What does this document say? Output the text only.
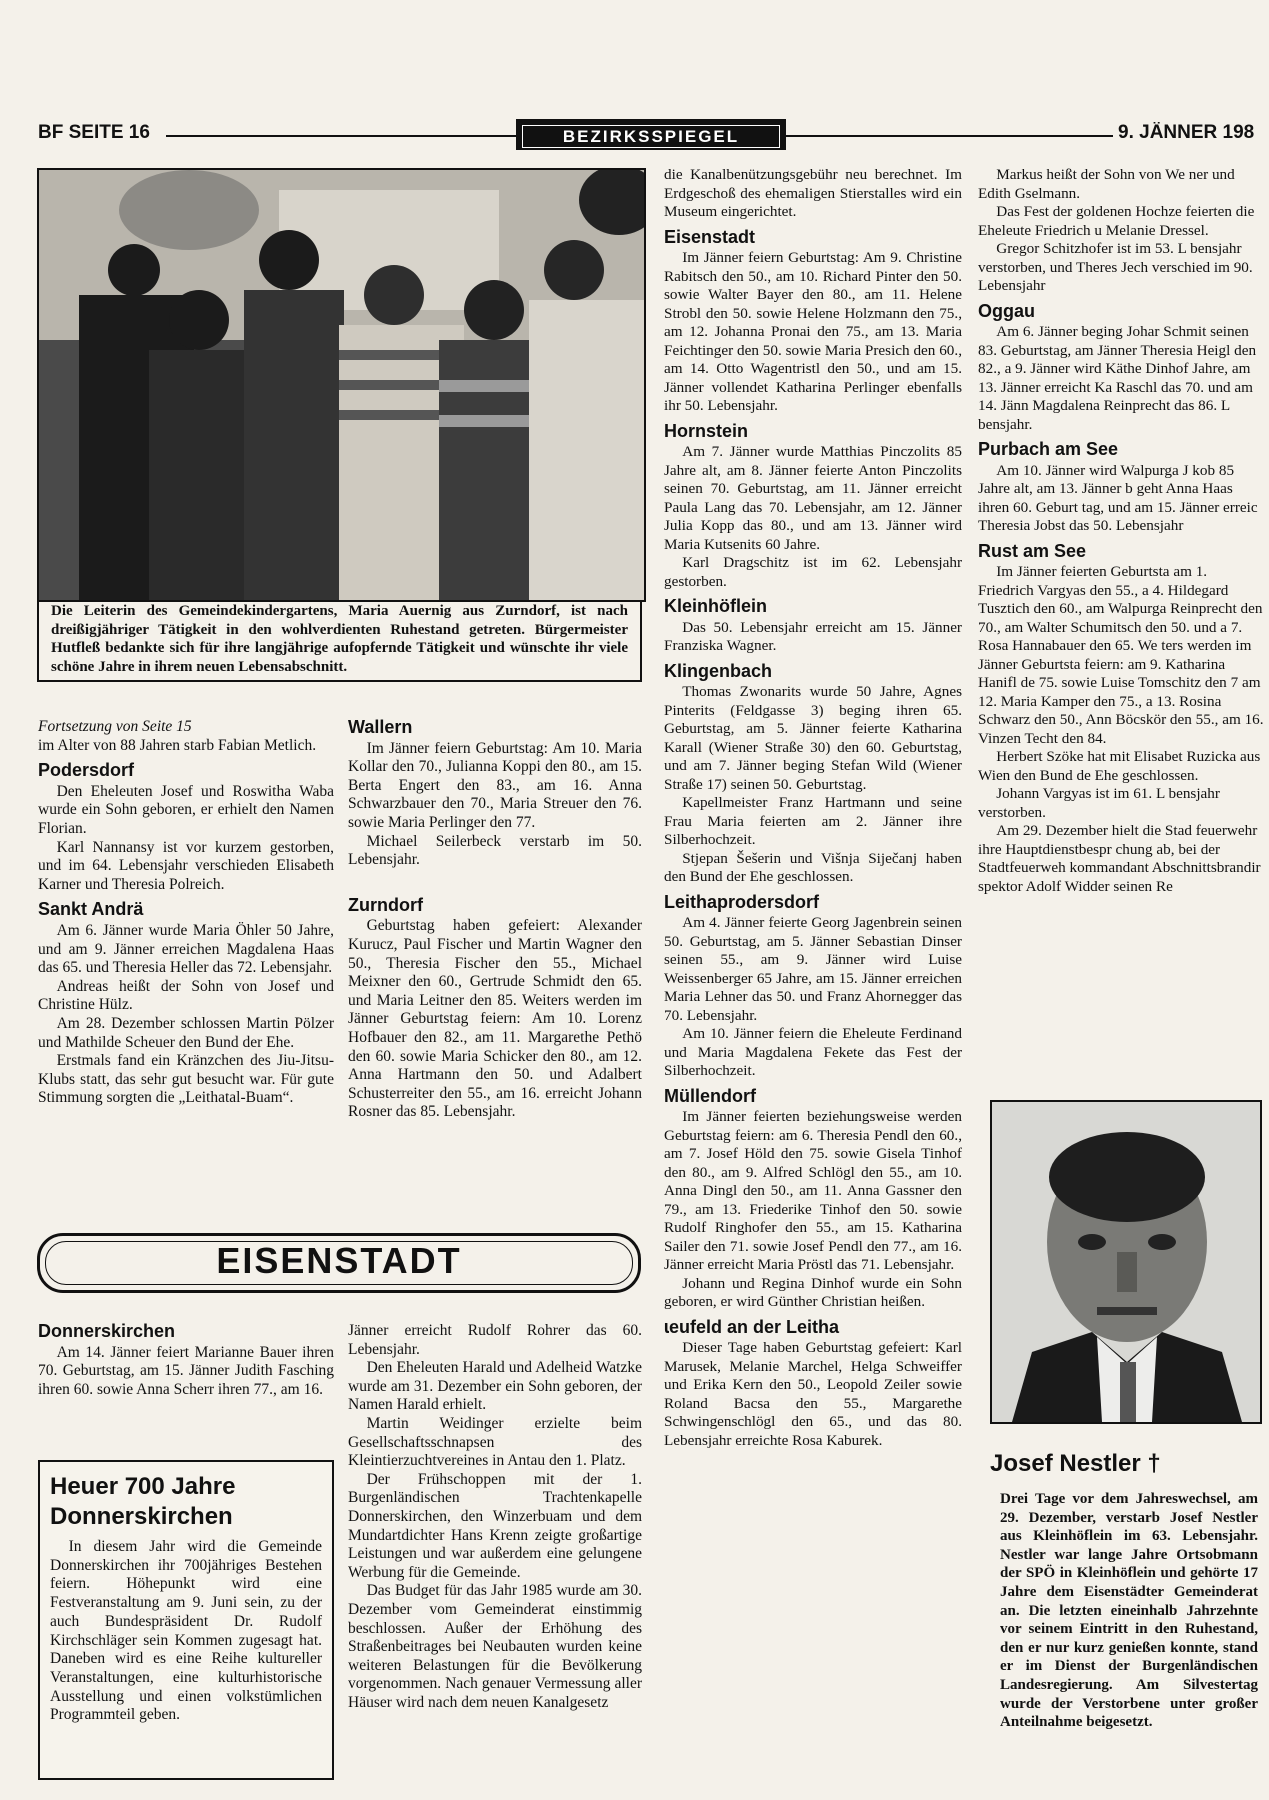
BF SEITE 16	BEZIRKSSPIEGEL	9. JÄNNER 198
Die Leiterin des Gemeindekindergartens, Maria Auernig aus Zurndorf, ist nach dreißigjähriger Tätigkeit in den wohlverdienten Ruhestand getreten. Bürgermeister Hutfleß bedankte sich für ihre langjährige aufopfernde Tätigkeit und wünschte ihr viele schöne Jahre in ihrem neuen Lebensabschnitt.

Fortsetzung von Seite 15

im Alter von 88 Jahren starb Fabian Metlich.

Podersdorf

Den Eheleuten Josef und Roswitha Waba wurde ein Sohn geboren, er erhielt den Namen Florian.

Karl Nannansy ist vor kurzem gestorben, und im 64. Lebensjahr verschieden Elisabeth Karner und Theresia Polreich.

Sankt Andrä

Am 6. Jänner wurde Maria Öhler 50 Jahre, und am 9. Jänner erreichen Magdalena Haas das 65. und Theresia Heller das 72. Lebensjahr.

Andreas heißt der Sohn von Josef und Christine Hülz.

Am 28. Dezember schlossen Martin Pölzer und Mathilde Scheuer den Bund der Ehe.

Erstmals fand ein Kränzchen des Jiu-Jitsu-Klubs statt, das sehr gut besucht war. Für gute Stimmung sorgten die „Leithatal-Buam“.

Wallern

Im Jänner feiern Geburtstag: Am 10. Maria Kollar den 70., Julianna Koppi den 80., am 15. Berta Engert den 83., am 16. Anna Schwarzbauer den 70., Maria Streuer den 76. sowie Maria Perlinger den 77.

Michael Seilerbeck verstarb im 50. Lebensjahr.

Zurndorf

Geburtstag haben gefeiert: Alexander Kurucz, Paul Fischer und Martin Wagner den 50., Theresia Fischer den 55., Michael Meixner den 60., Gertrude Schmidt den 65. und Maria Leitner den 85. Weiters werden im Jänner Geburtstag feiern: Am 10. Lorenz Hofbauer den 82., am 11. Margarethe Pethö den 60. sowie Maria Schicker den 80., am 12. Anna Hartmann den 50. und Adalbert Schusterreiter den 55., am 16. erreicht Johann Rosner das 85. Lebensjahr.

EISENSTADT
Donnerskirchen

Am 14. Jänner feiert Marianne Bauer ihren 70. Geburtstag, am 15. Jänner Judith Fasching ihren 60. sowie Anna Scherr ihren 77., am 16.

Heuer 700 Jahre Donnerskirchen

In diesem Jahr wird die Gemeinde Donnerskirchen ihr 700jähriges Bestehen feiern. Höhepunkt wird eine Festveranstaltung am 9. Juni sein, zu der auch Bundespräsident Dr. Rudolf Kirchschläger sein Kommen zugesagt hat. Daneben wird es eine Reihe kultureller Veranstaltungen, eine kulturhistorische Ausstellung und einen volkstümlichen Programmteil geben.

Jänner erreicht Rudolf Rohrer das 60. Lebensjahr.

Den Eheleuten Harald und Adelheid Watzke wurde am 31. Dezember ein Sohn geboren, der Namen Harald erhielt.

Martin Weidinger erzielte beim Gesellschaftsschnapsen des Kleintierzuchtvereines in Antau den 1. Platz.

Der Frühschoppen mit der 1. Burgenländischen Trachtenkapelle Donnerskirchen, den Winzerbuam und dem Mundartdichter Hans Krenn zeigte großartige Leistungen und war außerdem eine gelungene Werbung für die Gemeinde.

Das Budget für das Jahr 1985 wurde am 30. Dezember vom Gemeinderat einstimmig beschlossen. Außer der Erhöhung des Straßenbeitrages bei Neubauten wurden keine weiteren Belastungen für die Bevölkerung vorgenommen. Nach genauer Vermessung aller Häuser wird nach dem neuen Kanalgesetz

die Kanalbenützungsgebühr neu berechnet. Im Erdgeschoß des ehemaligen Stierstalles wird ein Museum eingerichtet.

Eisenstadt

Im Jänner feiern Geburtstag: Am 9. Christine Rabitsch den 50., am 10. Richard Pinter den 50. sowie Walter Bayer den 80., am 11. Helene Strobl den 50. sowie Helene Holzmann den 75., am 12. Johanna Pronai den 75., am 13. Maria Feichtinger den 50. sowie Maria Presich den 60., am 14. Otto Wagentristl den 50., und am 15. Jänner vollendet Katharina Perlinger ebenfalls ihr 50. Lebensjahr.

Hornstein

Am 7. Jänner wurde Matthias Pinczolits 85 Jahre alt, am 8. Jänner feierte Anton Pinczolits seinen 70. Geburtstag, am 11. Jänner erreicht Paula Lang das 70. Lebensjahr, am 12. Jänner Julia Kopp das 80., und am 13. Jänner wird Maria Kutsenits 60 Jahre.

Karl Dragschitz ist im 62. Lebensjahr gestorben.

Kleinhöflein

Das 50. Lebensjahr erreicht am 15. Jänner Franziska Wagner.

Klingenbach

Thomas Zwonarits wurde 50 Jahre, Agnes Pinterits (Feldgasse 3) beging ihren 65. Geburtstag, am 5. Jänner feierte Katharina Karall (Wiener Straße 30) den 60. Geburtstag, und am 7. Jänner beging Stefan Wild (Wiener Straße 17) seinen 50. Geburtstag.

Kapellmeister Franz Hartmann und seine Frau Maria feierten am 2. Jänner ihre Silberhochzeit.

Stjepan Šešerin und Višnja Siječanj haben den Bund der Ehe geschlossen.

Leithaprodersdorf

Am 4. Jänner feierte Georg Jagenbrein seinen 50. Geburtstag, am 5. Jänner Sebastian Dinser seinen 55., am 9. Jänner wird Luise Weissenberger 65 Jahre, am 15. Jänner erreichen Maria Lehner das 50. und Franz Ahornegger das 70. Lebensjahr.

Am 10. Jänner feiern die Eheleute Ferdinand und Maria Magdalena Fekete das Fest der Silberhochzeit.

Müllendorf

Im Jänner feierten beziehungsweise werden Geburtstag feiern: am 6. Theresia Pendl den 60., am 7. Josef Höld den 75. sowie Gisela Tinhof den 80., am 9. Alfred Schlögl den 55., am 10. Anna Dingl den 50., am 11. Anna Gassner den 79., am 13. Friederike Tinhof den 50. sowie Rudolf Ringhofer den 55., am 15. Katharina Sailer den 71. sowie Josef Pendl den 77., am 16. Jänner erreicht Maria Pröstl das 71. Lebensjahr.

Johann und Regina Dinhof wurde ein Sohn geboren, er wird Günther Christian heißen.

ɩeufeld an der Leitha

Dieser Tage haben Geburtstag gefeiert: Karl Marusek, Melanie Marchel, Helga Schweiffer und Erika Kern den 50., Leopold Zeiler sowie Roland Bacsa den 55., Margarethe Schwingenschlögl den 65., und das 80. Lebensjahr erreichte Rosa Kaburek.

Markus heißt der Sohn von We ner und Edith Gselmann.

Das Fest der goldenen Hochze feierten die Eheleute Friedrich u Melanie Dressel.

Gregor Schitzhofer ist im 53. L bensjahr verstorben, und Theres Jech verschied im 90. Lebensjahr

Oggau

Am 6. Jänner beging Johar Schmit seinen 83. Geburtstag, am Jänner Theresia Heigl den 82., a 9. Jänner wird Käthe Dinhof Jahre, am 13. Jänner erreicht Ka Raschl das 70. und am 14. Jänn Magdalena Reinprecht das 86. L bensjahr.

Purbach am See

Am 10. Jänner wird Walpurga J kob 85 Jahre alt, am 13. Jänner b geht Anna Haas ihren 60. Geburt tag, und am 15. Jänner erreic Theresia Jobst das 50. Lebensjahr

Rust am See

Im Jänner feierten Geburtsta am 1. Friedrich Vargyas den 55., a 4. Hildegard Tusztich den 60., am Walpurga Reinprecht den 70., am Walter Schumitsch den 50. und a 7. Rosa Hannabauer den 65. We ters werden im Jänner Geburtsta feiern: am 9. Katharina Hanifl de 75. sowie Luise Tomschitz den 7 am 12. Maria Kamper den 75., a 13. Rosina Schwarz den 50., Ann Böcskör den 55., am 16. Vinzen Techt den 84.

Herbert Szöke hat mit Elisabet Ruzicka aus Wien den Bund de Ehe geschlossen.

Johann Vargyas ist im 61. L bensjahr verstorben.

Am 29. Dezember hielt die Stad feuerwehr ihre Hauptdienstbespr chung ab, bei der Stadtfeuerweh kommandant Abschnittsbrandir spektor Adolf Widder seinen Re

Josef Nestler †
Drei Tage vor dem Jahreswechsel, am 29. Dezember, verstarb Josef Nestler aus Kleinhöflein im 63. Lebensjahr. Nestler war lange Jahre Ortsobmann der SPÖ in Kleinhöflein und gehörte 17 Jahre dem Eisenstädter Gemeinderat an. Die letzten eineinhalb Jahrzehnte vor seinem Eintritt in den Ruhestand, den er nur kurz genießen konnte, stand er im Dienst der Burgenländischen Landesregierung. Am Silvestertag wurde der Verstorbene unter großer Anteilnahme beigesetzt.
